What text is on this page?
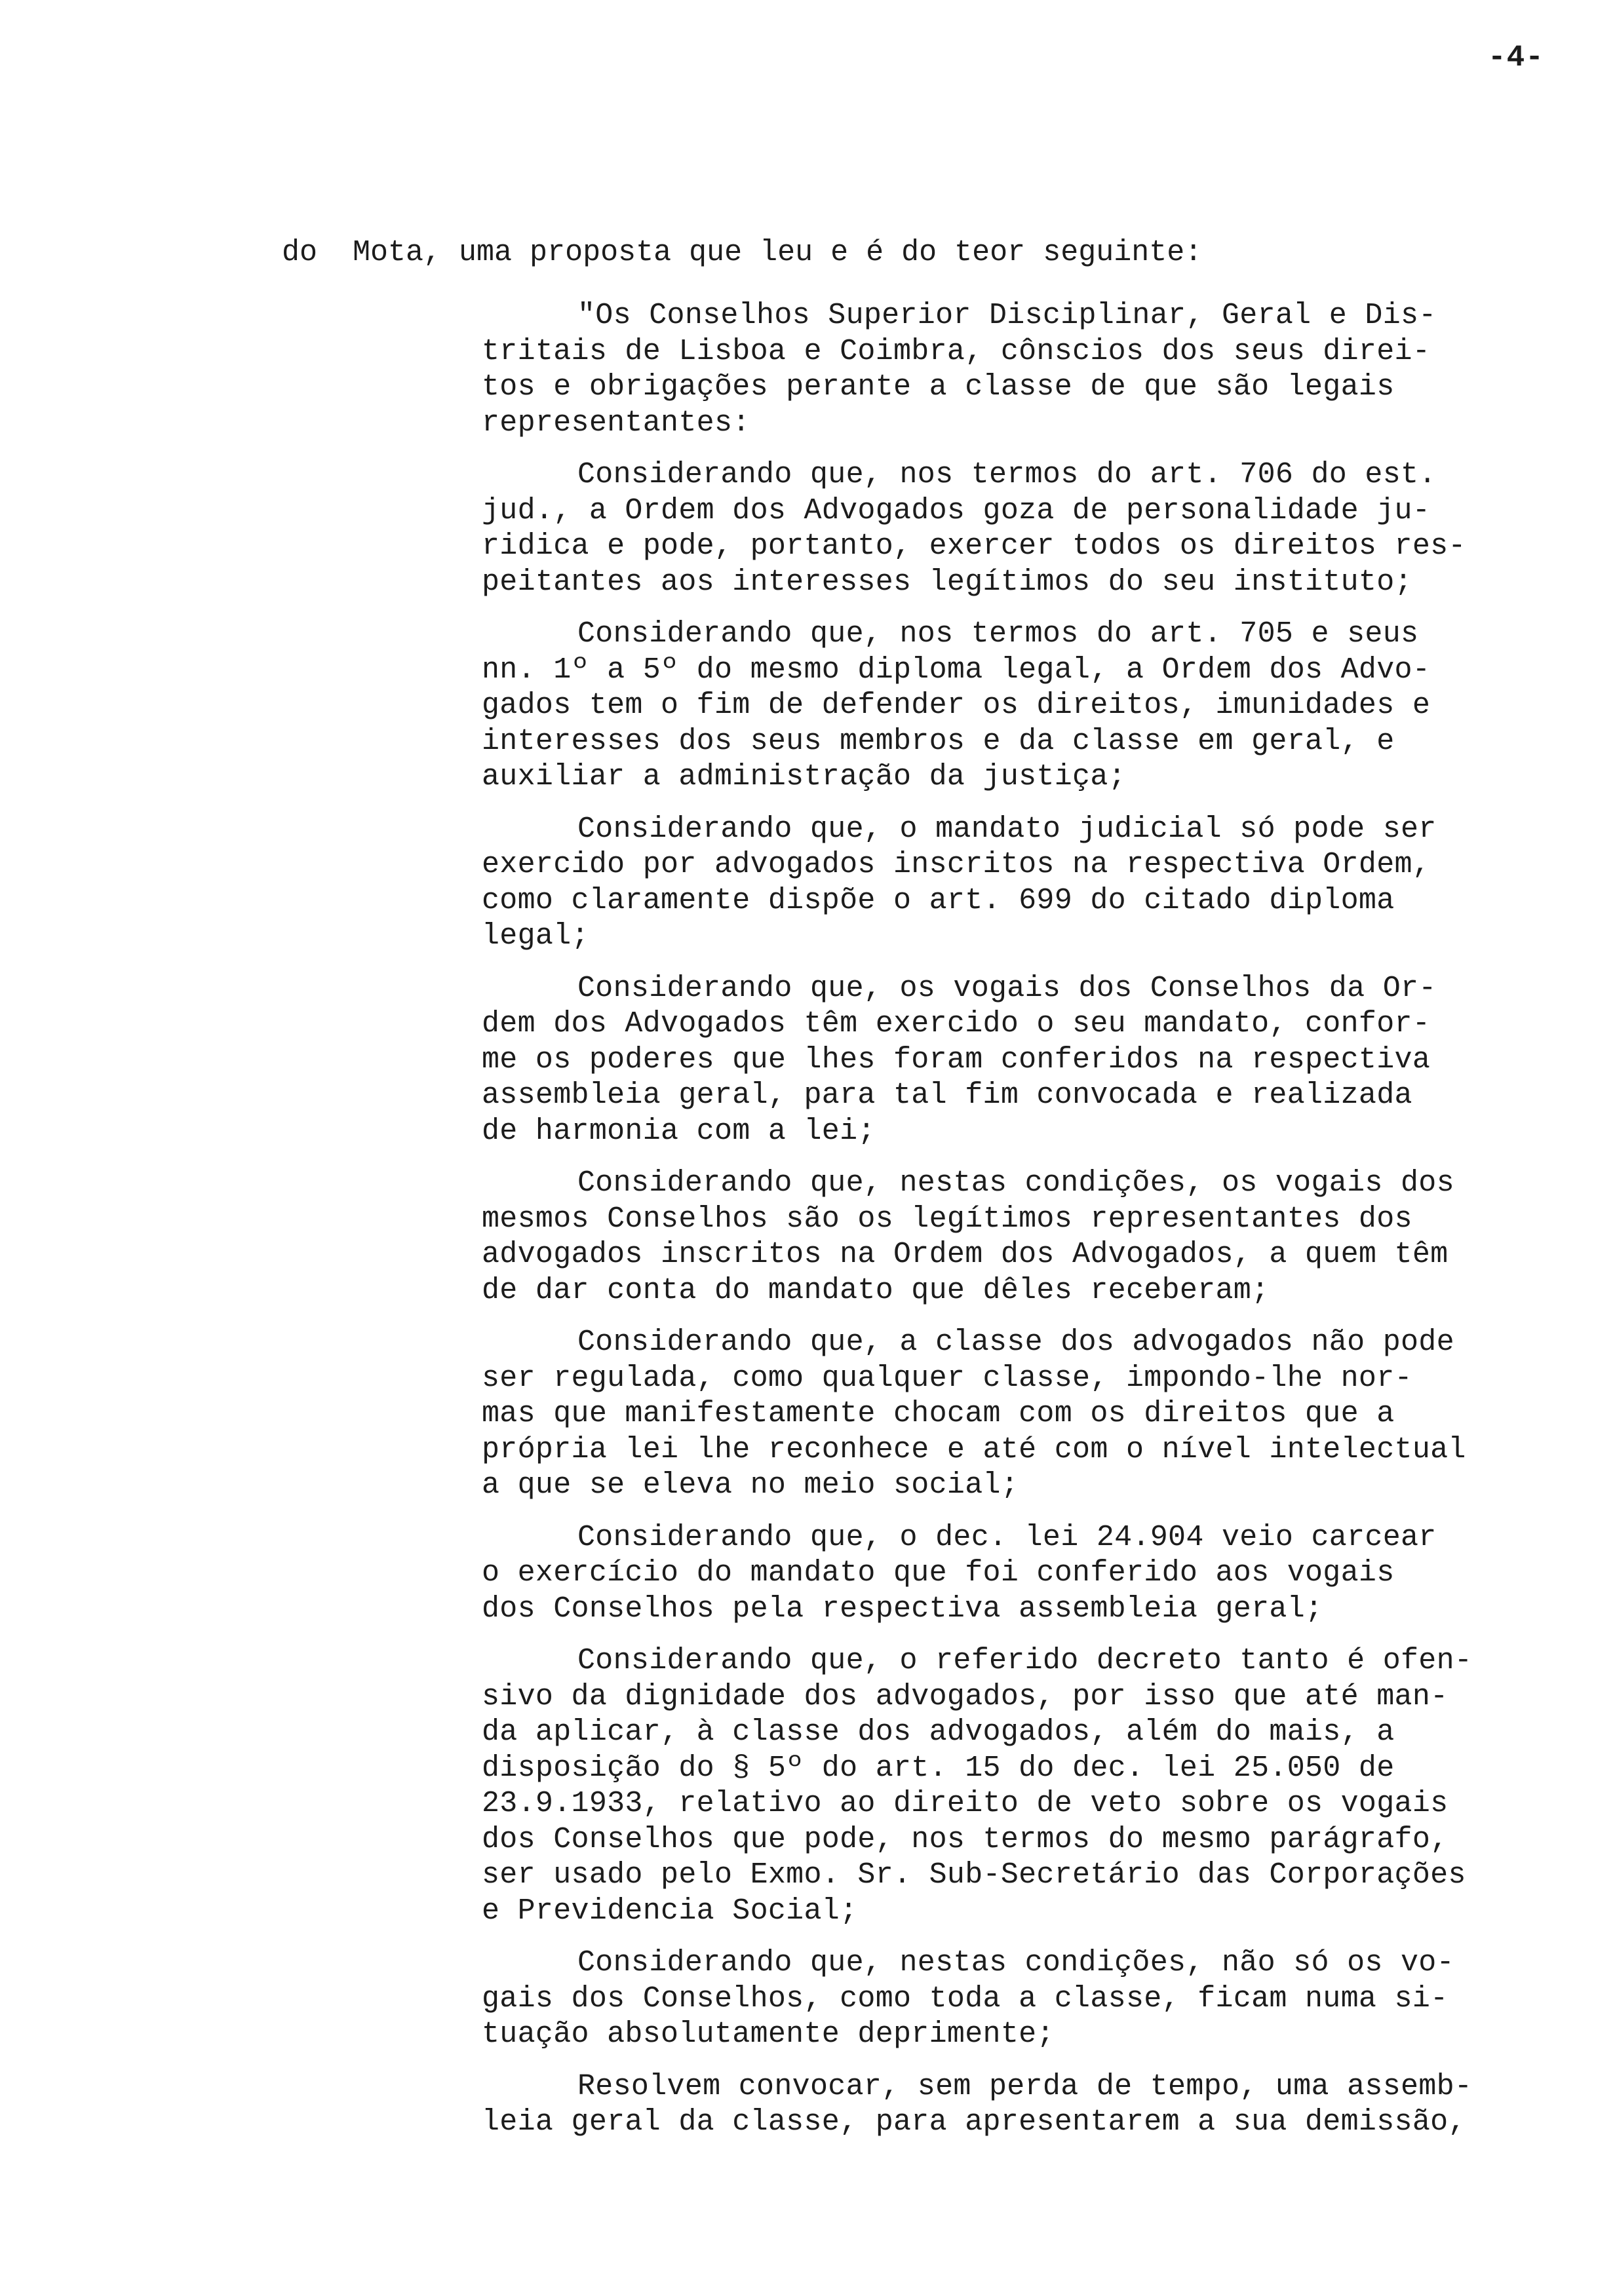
-4-
do  Mota, uma proposta que leu e é do teor seguinte:
"Os Conselhos Superior Disciplinar, Geral e Dis-
tritais de Lisboa e Coimbra, cônscios dos seus direi-
tos e obrigações perante a classe de que são legais
representantes:
Considerando que, nos termos do art. 706 do est.
jud., a Ordem dos Advogados goza de personalidade ju-
ridica e pode, portanto, exercer todos os direitos res-
peitantes aos interesses legítimos do seu instituto;
Considerando que, nos termos do art. 705 e seus
nn. 1º a 5º do mesmo diploma legal, a Ordem dos Advo-
gados tem o fim de defender os direitos, imunidades e
interesses dos seus membros e da classe em geral, e
auxiliar a administração da justiça;
Considerando que, o mandato judicial só pode ser
exercido por advogados inscritos na respectiva Ordem,
como claramente dispõe o art. 699 do citado diploma
legal;
Considerando que, os vogais dos Conselhos da Or-
dem dos Advogados têm exercido o seu mandato, confor-
me os poderes que lhes foram conferidos na respectiva
assembleia geral, para tal fim convocada e realizada
de harmonia com a lei;
Considerando que, nestas condições, os vogais dos
mesmos Conselhos são os legítimos representantes dos
advogados inscritos na Ordem dos Advogados, a quem têm
de dar conta do mandato que dêles receberam;
Considerando que, a classe dos advogados não pode
ser regulada, como qualquer classe, impondo-lhe nor-
mas que manifestamente chocam com os direitos que a
própria lei lhe reconhece e até com o nível intelectual
a que se eleva no meio social;
Considerando que, o dec. lei 24.904 veio carcear
o exercício do mandato que foi conferido aos vogais
dos Conselhos pela respectiva assembleia geral;
Considerando que, o referido decreto tanto é ofen-
sivo da dignidade dos advogados, por isso que até man-
da aplicar, à classe dos advogados, além do mais, a
disposição do § 5º do art. 15 do dec. lei 25.050 de
23.9.1933, relativo ao direito de veto sobre os vogais
dos Conselhos que pode, nos termos do mesmo parágrafo,
ser usado pelo Exmo. Sr. Sub-Secretário das Corporações
e Previdencia Social;
Considerando que, nestas condições, não só os vo-
gais dos Conselhos, como toda a classe, ficam numa si-
tuação absolutamente deprimente;
Resolvem convocar, sem perda de tempo, uma assemb-
leia geral da classe, para apresentarem a sua demissão,
